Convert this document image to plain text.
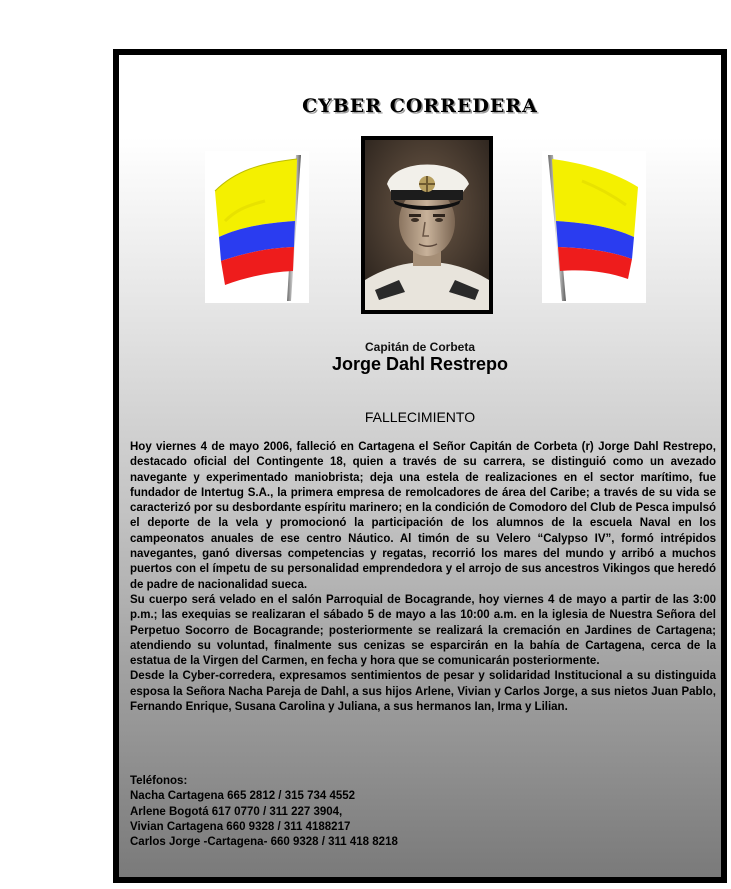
CYBER CORREDERA
Capitán de Corbeta
Jorge Dahl Restrepo
FALLECIMIENTO

Hoy viernes 4 de mayo 2006, falleció en Cartagena el Señor Capitán de Corbeta (r) Jorge Dahl Restrepo, destacado oficial del Contingente 18, quien a través de su carrera, se distinguió como un avezado navegante y experimentado maniobrista; deja una estela de realizaciones en el sector marítimo, fue fundador de Intertug S.A., la primera empresa de remolcadores de área del Caribe; a través de su vida se caracterizó por su desbordante espíritu marinero; en la condición de Comodoro del Club de Pesca impulsó el deporte de la vela y promocionó la participación de los alumnos de la escuela Naval en los campeonatos anuales de ese centro Náutico. Al timón de su Velero “Calypso IV”, formó intrépidos navegantes, ganó diversas competencias y regatas, recorrió los mares del mundo y arribó a muchos puertos con el ímpetu de su personalidad emprendedora y el arrojo de sus ancestros Vikingos que heredó de padre de nacionalidad sueca.

Su cuerpo será velado en el salón Parroquial de Bocagrande, hoy viernes 4 de mayo a partir de las 3:00 p.m.; las exequias se realizaran el sábado 5 de mayo a las 10:00 a.m. en la iglesia de Nuestra Señora del Perpetuo Socorro de Bocagrande; posteriormente se realizará la cremación en Jardines de Cartagena; atendiendo su voluntad, finalmente sus cenizas se esparcirán en la bahía de Cartagena, cerca de la estatua de la Virgen del Carmen, en fecha y hora que se comunicarán posteriormente.

Desde la Cyber-corredera, expresamos sentimientos de pesar y solidaridad Institucional a su distinguida esposa la Señora Nacha Pareja de Dahl, a sus hijos Arlene, Vivian y Carlos Jorge, a sus nietos Juan Pablo, Fernando Enrique, Susana Carolina y Juliana, a sus hermanos Ian, Irma y Lilian.

Teléfonos:
Nacha Cartagena 665 2812 / 315 734 4552
Arlene Bogotá 617 0770 / 311 227 3904,
Vivian Cartagena 660 9328 / 311 4188217
Carlos Jorge -Cartagena- 660 9328 / 311 418 8218
